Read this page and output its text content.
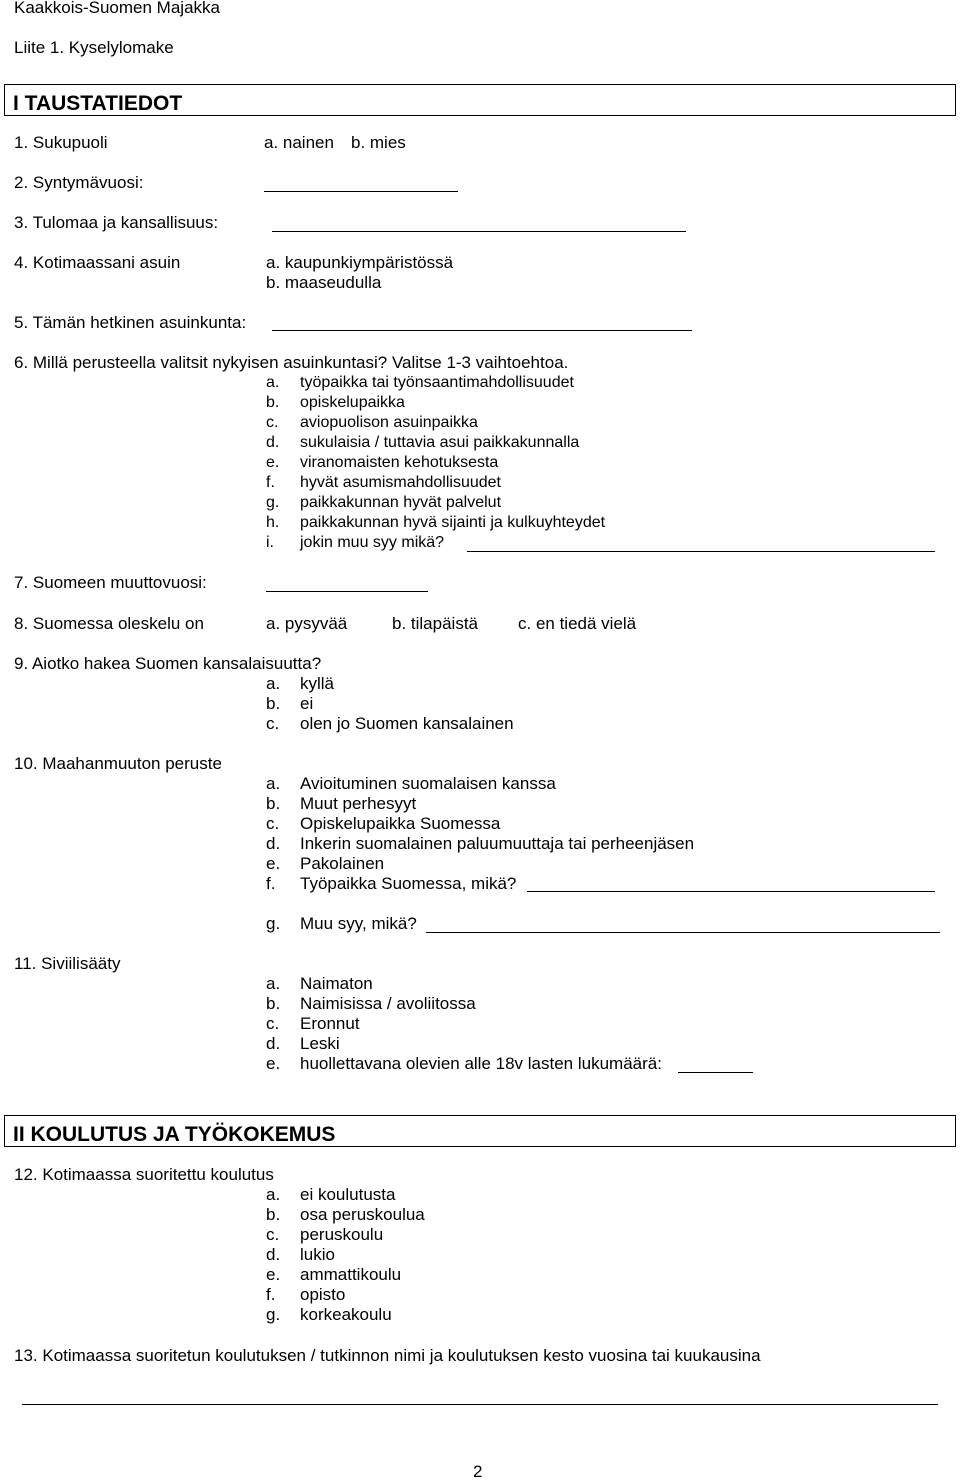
Kaakkois-Suomen Majakka
Liite 1. Kyselylomake
I TAUSTATIEDOT
1. Sukupuoli	a. nainen b. mies
2. Syntymävuosi:
3. Tulomaa ja kansallisuus:
4. Kotimaassani asuin	a. kaupunkiympäristössä
b. maaseudulla
5. Tämän hetkinen asuinkunta:
6. Millä perusteella valitsit nykyisen asuinkuntasi? Valitse 1-3 vaihtoehtoa.
a. työpaikka tai työnsaantimahdollisuudet
b. opiskelupaikka
c. aviopuolison asuinpaikka
d. sukulaisia / tuttavia asui paikkakunnalla
e. viranomaisten kehotuksesta
f. hyvät asumismahdollisuudet
g. paikkakunnan hyvät palvelut
h. paikkakunnan hyvä sijainti ja kulkuyhteydet
i. jokin muu syy mikä?
7. Suomeen muuttovuosi:
8. Suomessa oleskelu on	a. pysyvää	b. tilapäistä c. en tiedä vielä
9. Aiotko hakea Suomen kansalaisuutta?
a. kyllä
b. ei
c. olen jo Suomen kansalainen
10. Maahanmuuton peruste
a. Avioituminen suomalaisen kanssa
b. Muut perhesyyt
c. Opiskelupaikka Suomessa
d. Inkerin suomalainen paluumuuttaja tai perheenjäsen
e. Pakolainen
f. Työpaikka Suomessa, mikä?
g. Muu syy, mikä?
11. Siviilisääty
a. Naimaton
b. Naimisissa / avoliitossa
c. Eronnut
d. Leski
e. huollettavana olevien alle 18v lasten lukumäärä:
II KOULUTUS JA TYÖKOKEMUS
12. Kotimaassa suoritettu koulutus
a. ei koulutusta
b. osa peruskoulua
c. peruskoulu
d. lukio
e. ammattikoulu
f. opisto
g. korkeakoulu
13. Kotimaassa suoritetun koulutuksen / tutkinnon nimi ja koulutuksen kesto vuosina tai kuukausina
2
